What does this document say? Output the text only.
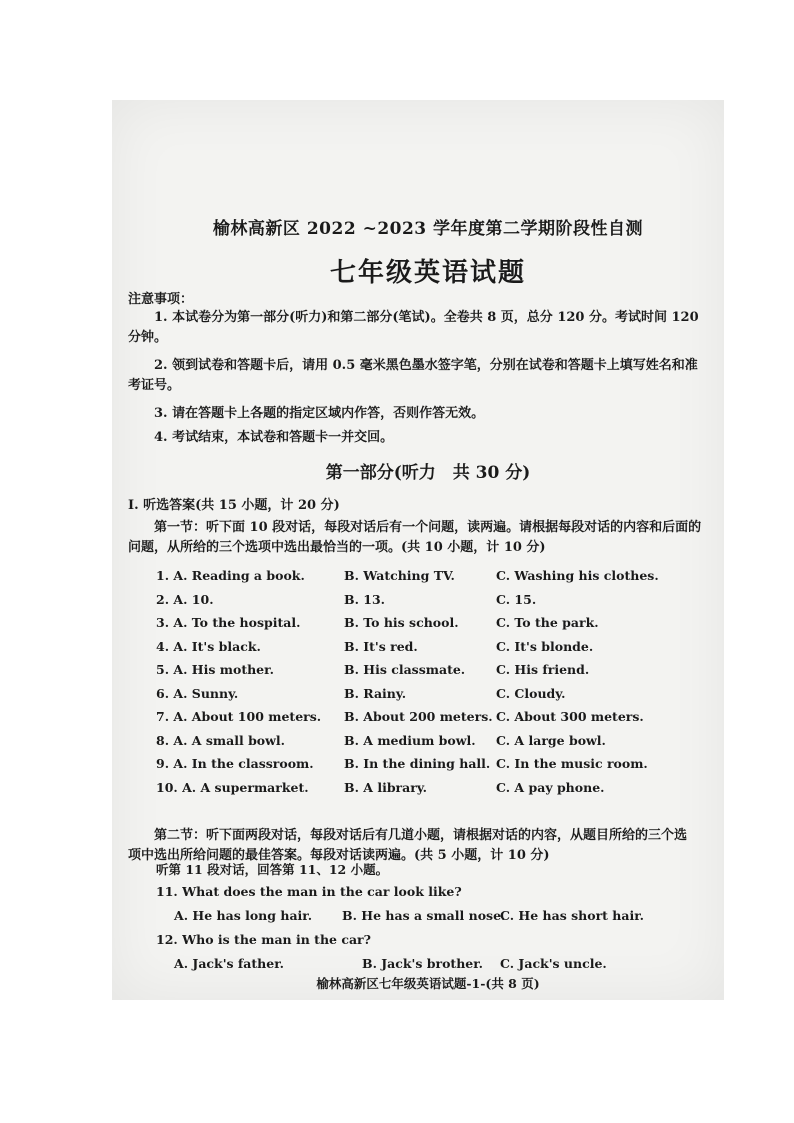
榆林高新区 2022 ~2023 学年度第二学期阶段性自测
七年级英语试题
注意事项：
1. 本试卷分为第一部分(听力)和第二部分(笔试)。全卷共 8 页，总分 120 分。考试时间 120
分钟。
2. 领到试卷和答题卡后，请用 0.5 毫米黑色墨水签字笔，分别在试卷和答题卡上填写姓名和准
考证号。
3. 请在答题卡上各题的指定区域内作答，否则作答无效。
4. 考试结束，本试卷和答题卡一并交回。
第一部分(听力　共 30 分)
Ⅰ. 听选答案(共 15 小题，计 20 分)
第一节：听下面 10 段对话，每段对话后有一个问题，读两遍。请根据每段对话的内容和后面的
问题，从所给的三个选项中选出最恰当的一项。(共 10 小题，计 10 分)
1. A. Reading a book.	B. Watching TV.	C. Washing his clothes.
2. A. 10.	B. 13.	C. 15.
3. A. To the hospital.	B. To his school.	C. To the park.
4. A. It's black.	B. It's red.	C. It's blonde.
5. A. His mother.	B. His classmate. C. His friend.
6. A. Sunny.	B. Rainy.	C. Cloudy.
7. A. About 100 meters. B. About 200 meters. C. About 300 meters.
8. A. A small bowl.	B. A medium bowl. C. A large bowl.
9. A. In the classroom. B. In the dining hall. C. In the music room.
10. A. A supermarket.	B. A library.	C. A pay phone.
第二节：听下面两段对话，每段对话后有几道小题，请根据对话的内容，从题目所给的三个选
项中选出所给问题的最佳答案。每段对话读两遍。(共 5 小题，计 10 分)
听第 11 段对话，回答第 11、12 小题。
11. What does the man in the car look like?
A. He has long hair. B. He has a small nose.
C. He has short hair.
12. Who is the man in the car?
A. Jack's father.	B. Jack's brother. C. Jack's uncle.
榆林高新区七年级英语试题-1-(共 8 页)
